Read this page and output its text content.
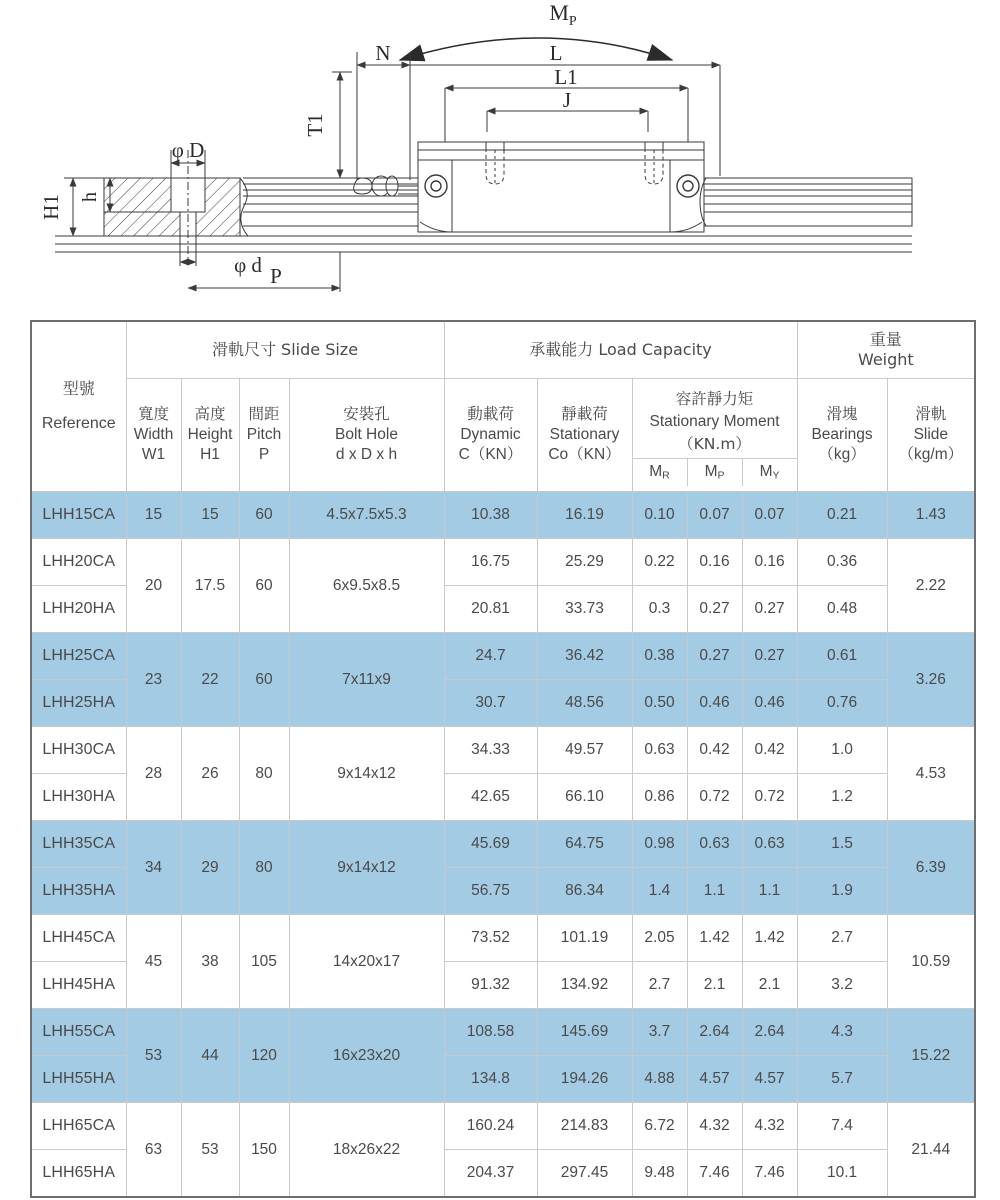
$M_P$
L
L1
J
N
T1
φ D
φ d
H1 h
P
型號
Reference
	滑軌尺寸 Slide Size	承載能力 Load Capacity	
重量
Weight

寬度
Width
W1

高度
Height
H1

間距
Pitch
P

安裝孔
Bolt Hole
d x D x h

動載荷
Dynamic
C（KN）

靜載荷
Stationary
Co（KN）

容許靜力矩
Stationary Moment
（KN.m）
$M_R$	$M_P$	$M_Y$

滑塊
Bearings
（kg）

滑軌
Slide
（kg/m）

LHH15CA	15	15	60	4.5x7.5x5.3	10.38	16.19	0.10	0.07	0.07	0.21	1.43
LHH20CA	20	17.5	60	6x9.5x8.5	16.75	25.29	0.22	0.16	0.16	0.36	2.22
LHH20HA					20.81	33.73	0.3	0.27	0.27	0.48	
LHH25CA	23	22	60	7x11x9	24.7	36.42	0.38	0.27	0.27	0.61	3.26
LHH25HA					30.7	48.56	0.50	0.46	0.46	0.76	
LHH30CA	28	26	80	9x14x12	34.33	49.57	0.63	0.42	0.42	1.0	4.53
LHH30HA					42.65	66.10	0.86	0.72	0.72	1.2	
LHH35CA	34	29	80	9x14x12	45.69	64.75	0.98	0.63	0.63	1.5	6.39
LHH35HA					56.75	86.34	1.4	1.1	1.1	1.9	
LHH45CA	45	38	105	14x20x17	73.52	101.19	2.05	1.42	1.42	2.7	10.59
LHH45HA					91.32	134.92	2.7	2.1	2.1	3.2	
LHH55CA	53	44	120	16x23x20	108.58	145.69	3.7	2.64	2.64	4.3	15.22
LHH55HA					134.8	194.26	4.88	4.57	4.57	5.7	
LHH65CA	63	53	150	18x26x22	160.24	214.83	6.72	4.32	4.32	7.4	21.44
LHH65HA					204.37	297.45	9.48	7.46	7.46	10.1	
